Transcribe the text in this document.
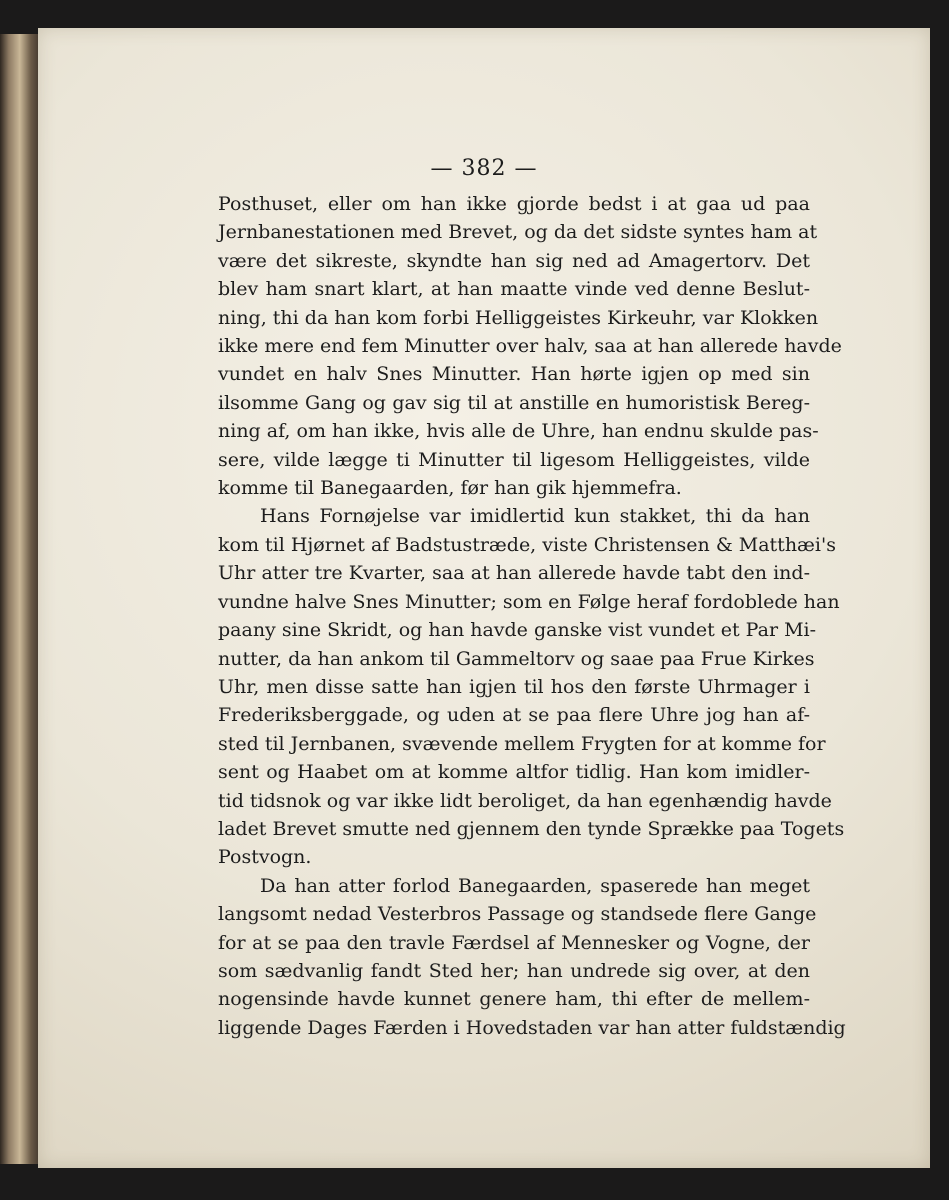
— 382 —
Posthuset, eller om han ikke gjorde bedst i at gaa ud paa
Jernbanestationen med Brevet, og da det sidste syntes ham at
være det sikreste, skyndte han sig ned ad Amagertorv. Det
blev ham snart klart, at han maatte vinde ved denne Beslut-
ning, thi da han kom forbi Helliggeistes Kirkeuhr, var Klokken
ikke mere end fem Minutter over halv, saa at han allerede havde
vundet en halv Snes Minutter. Han hørte igjen op med sin
ilsomme Gang og gav sig til at anstille en humoristisk Bereg-
ning af, om han ikke, hvis alle de Uhre, han endnu skulde pas-
sere, vilde lægge ti Minutter til ligesom Helliggeistes, vilde
komme til Banegaarden, før han gik hjemmefra.
Hans Fornøjelse var imidlertid kun stakket, thi da han
kom til Hjørnet af Badstustræde, viste Christensen & Matthæi's
Uhr atter tre Kvarter, saa at han allerede havde tabt den ind-
vundne halve Snes Minutter; som en Følge heraf fordoblede han
paany sine Skridt, og han havde ganske vist vundet et Par Mi-
nutter, da han ankom til Gammeltorv og saae paa Frue Kirkes
Uhr, men disse satte han igjen til hos den første Uhrmager i
Frederiksberggade, og uden at se paa flere Uhre jog han af-
sted til Jernbanen, svævende mellem Frygten for at komme for
sent og Haabet om at komme altfor tidlig. Han kom imidler-
tid tidsnok og var ikke lidt beroliget, da han egenhændig havde
ladet Brevet smutte ned gjennem den tynde Sprække paa Togets
Postvogn.
Da han atter forlod Banegaarden, spaserede han meget
langsomt nedad Vesterbros Passage og standsede flere Gange
for at se paa den travle Færdsel af Mennesker og Vogne, der
som sædvanlig fandt Sted her; han undrede sig over, at den
nogensinde havde kunnet genere ham, thi efter de mellem-
liggende Dages Færden i Hovedstaden var han atter fuldstændig
